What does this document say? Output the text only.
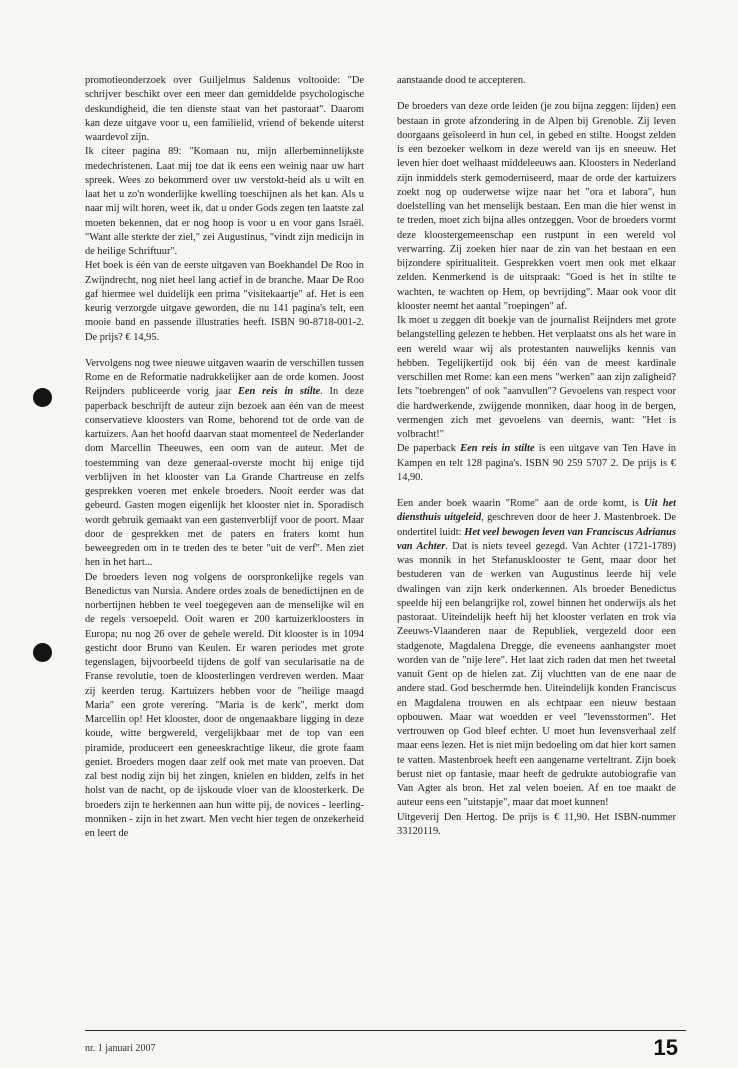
promotieonderzoek over Guiljelmus Saldenus voltooide: "De schrijver beschikt over een meer dan gemiddelde psychologische deskundigheid, die ten dienste staat van het pastoraat". Daarom kan deze uitgave voor u, een familielid, vriend of bekende uiterst waardevol zijn.

Ik citeer pagina 89: "Komaan nu, mijn allerbeminnelijkste medechristenen. Laat mij toe dat ik eens een weinig naar uw hart spreek. Wees zo bekommerd over uw verstokt-heid als u wilt en laat het u zo'n wonderlijke kwelling toeschijnen als het kan. Als u naar mij wilt horen, weet ik, dat u onder Gods zegen ten laatste zal moeten bekennen, dat er nog hoop is voor u en voor gans Israël. "Want alle sterkte der ziel," zei Augustinus, "vindt zijn medicijn in de heilige Schriftuur".

Het boek is één van de eerste uitgaven van Boekhandel De Roo in Zwijndrecht, nog niet heel lang actief in de branche. Maar De Roo gaf hiermee wel duidelijk een prima "visitekaartje" af. Het is een keurig verzorgde uitgave geworden, die nu 141 pagina's telt, een mooie band en passende illustraties heeft. ISBN 90-8718-001-2. De prijs? € 14,95.

Vervolgens nog twee nieuwe uitgaven waarin de verschillen tussen Rome en de Reformatie nadrukkelijker aan de orde komen. Joost Reijnders publiceerde vorig jaar Een reis in stilte. In deze paperback beschrijft de auteur zijn bezoek aan één van de meest conservatieve kloosters van Rome, behorend tot de orde van de kartuizers. Aan het hoofd daarvan staat momenteel de Nederlander dom Marcellin Theeuwes, een oom van de auteur. Met de toestemming van deze generaal-overste mocht hij enige tijd verblijven in het klooster van La Grande Chartreuse en zelfs gesprekken voeren met enkele broeders. Nooit eerder was dat gebeurd. Gasten mogen eigenlijk het klooster niet in. Sporadisch wordt gebruik gemaakt van een gastenverblijf voor de poort. Maar door de gesprekken met de paters en fraters komt hun beweegreden om in te treden des te beter "uit de verf". Men ziet hen in het hart...

De broeders leven nog volgens de oorspronkelijke regels van Benedictus van Nursia. Andere ordes zoals de benedictijnen en de norbertijnen hebben te veel toegegeven aan de menselijke wil en de regels versoepeld. Ooit waren er 200 kartuizerkloosters in Europa; nu nog 26 over de gehele wereld. Dit klooster is in 1094 gesticht door Bruno van Keulen. Er waren periodes met grote tegenslagen, bijvoorbeeld tijdens de golf van secularisatie na de Franse revolutie, toen de kloosterlingen verdreven werden. Maar zij keerden terug. Kartuizers hebben voor de "heilige maagd Maria" een grote verering. "Maria is de kerk", merkt dom Marcellin op! Het klooster, door de ongenaakbare ligging in deze koude, witte bergwereld, vergelijkbaar met de top van een piramide, produceert een geneeskrachtige likeur, die grote faam geniet. Broeders mogen daar zelf ook met mate van proeven. Dat zal best nodig zijn bij het zingen, knielen en bidden, zelfs in het holst van de nacht, op de ijskoude vloer van de kloosterkerk. De broeders zijn te herkennen aan hun witte pij, de novices - leerling-monniken - zijn in het zwart. Men vecht hier tegen de onzekerheid en leert de

aanstaande dood te accepteren.

De broeders van deze orde leiden (je zou bijna zeggen: lijden) een bestaan in grote afzondering in de Alpen bij Grenoble. Zij leven doorgaans geïsoleerd in hun cel, in gebed en stilte. Hoogst zelden is een bezoeker welkom in deze wereld van ijs en sneeuw. Het leven hier doet welhaast middeleeuws aan. Kloosters in Nederland zijn inmiddels sterk gemoderniseerd, maar de orde der kartuizers zoekt nog op ouderwetse wijze naar het "ora et labora", hun doelstelling van het menselijk bestaan. Een man die hier wenst in te treden, moet zich bijna alles ontzeggen. Voor de broeders vormt deze kloostergemeenschap een rustpunt in een wereld vol verwarring. Zij zoeken hier naar de zin van het bestaan en een bijzondere spiritualiteit. Gesprekken voert men ook met elkaar zelden. Kenmerkend is de uitspraak: "Goed is het in stilte te wachten, te wachten op Hem, op bevrijding". Maar ook voor dit klooster neemt het aantal "roepingen" af.

Ik moet u zeggen dit boekje van de journalist Reijnders met grote belangstelling gelezen te hebben. Het verplaatst ons als het ware in een wereld waar wij als protestanten nauwelijks kennis van hebben. Tegelijkertijd ook bij één van de meest kardinale verschillen met Rome: kan een mens "werken" aan zijn zaligheid? Iets "toebrengen" of ook "aanvullen"? Gevoelens van respect voor die hardwerkende, zwijgende monniken, daar hoog in de bergen, vermengen zich met gevoelens van deernis, want: "Het is volbracht!"

De paperback Een reis in stilte is een uitgave van Ten Have in Kampen en telt 128 pagina's. ISBN 90 259 5707 2. De prijs is € 14,90.

Een ander boek waarin "Rome" aan de orde komt, is Uit het diensthuis uitgeleid, geschreven door de heer J. Mastenbroek. De ondertitel luidt: Het veel bewogen leven van Franciscus Adrianus van Achter. Dat is niets teveel gezegd. Van Achter (1721-1789) was monnik in het Stefanusklooster te Gent, maar door het bestuderen van de werken van Augustinus leerde hij vele dwalingen van zijn kerk onderkennen. Als broeder Benedictus speelde hij een belangrijke rol, zowel binnen het onderwijs als het pastoraat. Uiteindelijk heeft hij het klooster verlaten en trok via Zeeuws-Vlaanderen naar de Republiek, vergezeld door een stadgenote, Magdalena Dregge, die eveneens aanhangster moet worden van de "nije lere". Het laat zich raden dat men het tweetal vanuit Gent op de hielen zat. Zij vluchtten van de ene naar de andere stad. God beschermde hen. Uiteindelijk konden Franciscus en Magdalena trouwen en als echtpaar een nieuw bestaan opbouwen. Maar wat woedden er veel "levensstormen". Het vertrouwen op God bleef echter. U moet hun levensverhaal zelf maar eens lezen. Het is niet mijn bedoeling om dat hier kort samen te vatten. Mastenbroek heeft een aangename verteltrant. Zijn boek berust niet op fantasie, maar heeft de gedrukte autobiografie van Van Agter als bron. Het zal velen boeien. Af en toe maakt de auteur eens een "uitstapje", maar dat moet kunnen!

Uitgeverij Den Hertog. De prijs is € 11,90. Het ISBN-nummer 33120119.

nr. 1 januari 2007	15
